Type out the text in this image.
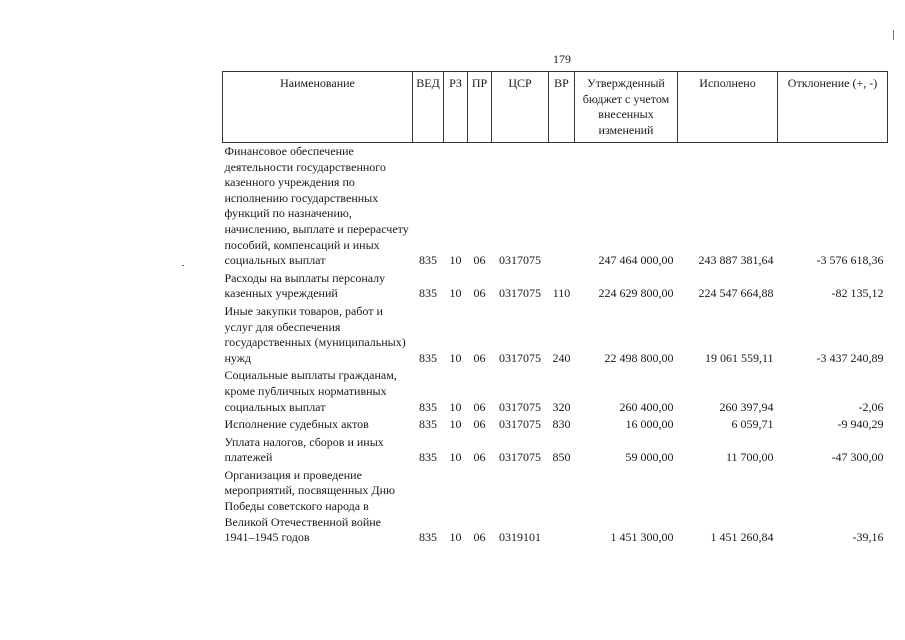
179
Наименование	ВЕД	РЗ	ПР	ЦСР	ВР	Утвержденный бюджет с учетом внесенных изменений	Исполнено	Отклонение (+, -)
Финансовое обеспечение деятельности государственного казенного учреждения по исполнению государственных функций по назначению, начислению, выплате и перерасчету пособий, компенсаций и иных социальных выплат	835	10	06	0317075		247 464 000,00	243 887 381,64	-3 576 618,36
Расходы на выплаты персоналу казенных учреждений	835	10	06	0317075	110	224 629 800,00	224 547 664,88	-82 135,12
Иные закупки товаров, работ и услуг для обеспечения государственных (муниципальных) нужд	835	10	06	0317075	240	22 498 800,00	19 061 559,11	-3 437 240,89
Социальные выплаты гражданам, кроме публичных нормативных социальных выплат	835	10	06	0317075	320	260 400,00	260 397,94	-2,06
Исполнение судебных актов	835	10	06	0317075	830	16 000,00	6 059,71	-9 940,29
Уплата налогов, сборов и иных платежей	835	10	06	0317075	850	59 000,00	11 700,00	-47 300,00
Организация и проведение мероприятий, посвященных Дню Победы советского народа в Великой Отечественной войне 1941–1945 годов	835	10	06	0319101		1 451 300,00	1 451 260,84	-39,16
